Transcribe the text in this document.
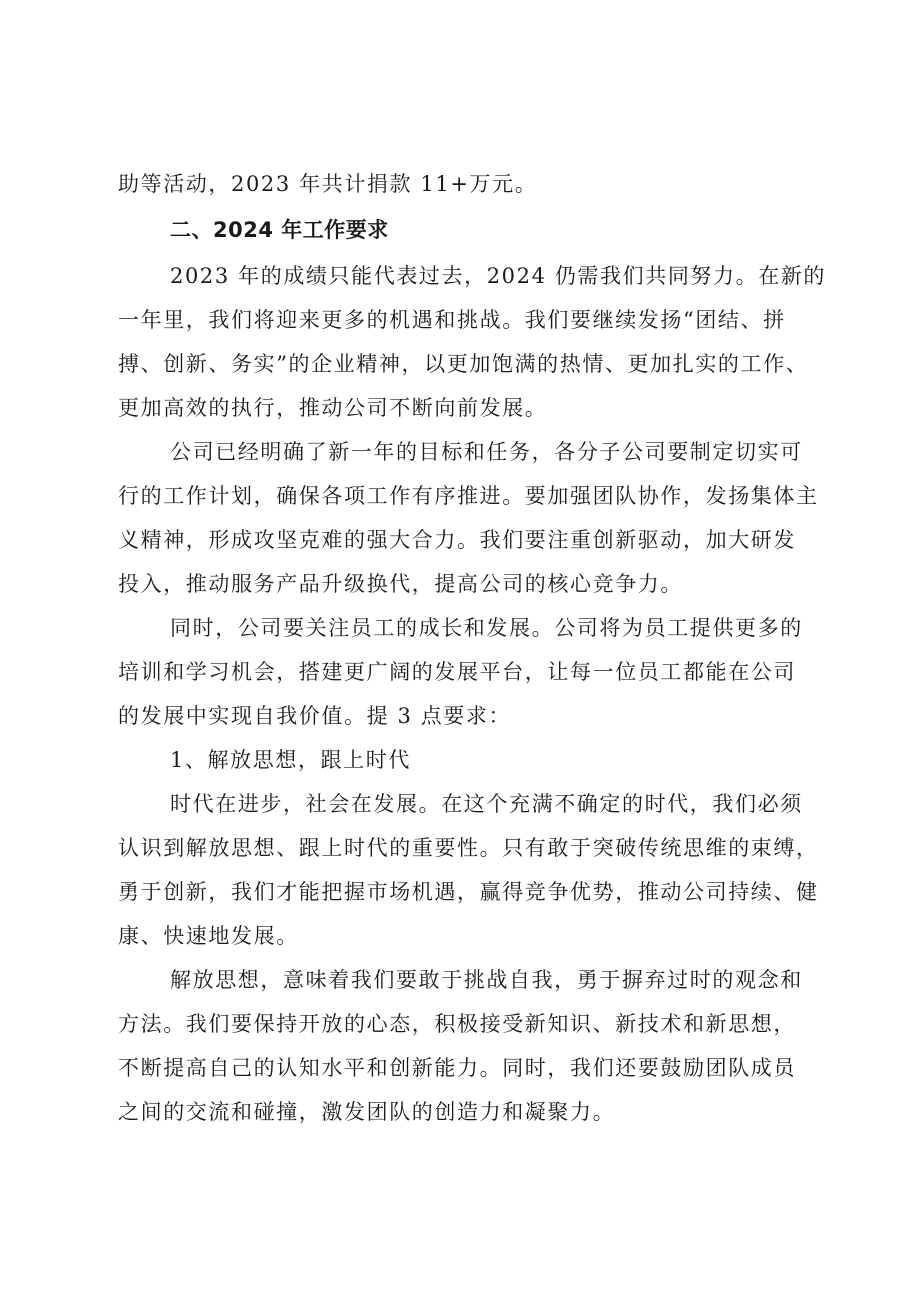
助等活动，2023 年共计捐款 11+万元。
二、2024 年工作要求
2023 年的成绩只能代表过去，2024 仍需我们共同努力。在新的
一年里，我们将迎来更多的机遇和挑战。我们要继续发扬“团结、拼
搏、创新、务实”的企业精神，以更加饱满的热情、更加扎实的工作、
更加高效的执行，推动公司不断向前发展。
公司已经明确了新一年的目标和任务，各分子公司要制定切实可
行的工作计划，确保各项工作有序推进。要加强团队协作，发扬集体主
义精神，形成攻坚克难的强大合力。我们要注重创新驱动，加大研发
投入，推动服务产品升级换代，提高公司的核心竞争力。
同时，公司要关注员工的成长和发展。公司将为员工提供更多的
培训和学习机会，搭建更广阔的发展平台，让每一位员工都能在公司
的发展中实现自我价值。提 3 点要求：
1、解放思想，跟上时代
时代在进步，社会在发展。在这个充满不确定的时代，我们必须
认识到解放思想、跟上时代的重要性。只有敢于突破传统思维的束缚，
勇于创新，我们才能把握市场机遇，赢得竞争优势，推动公司持续、健
康、快速地发展。
解放思想，意味着我们要敢于挑战自我，勇于摒弃过时的观念和
方法。我们要保持开放的心态，积极接受新知识、新技术和新思想，
不断提高自己的认知水平和创新能力。同时，我们还要鼓励团队成员
之间的交流和碰撞，激发团队的创造力和凝聚力。
